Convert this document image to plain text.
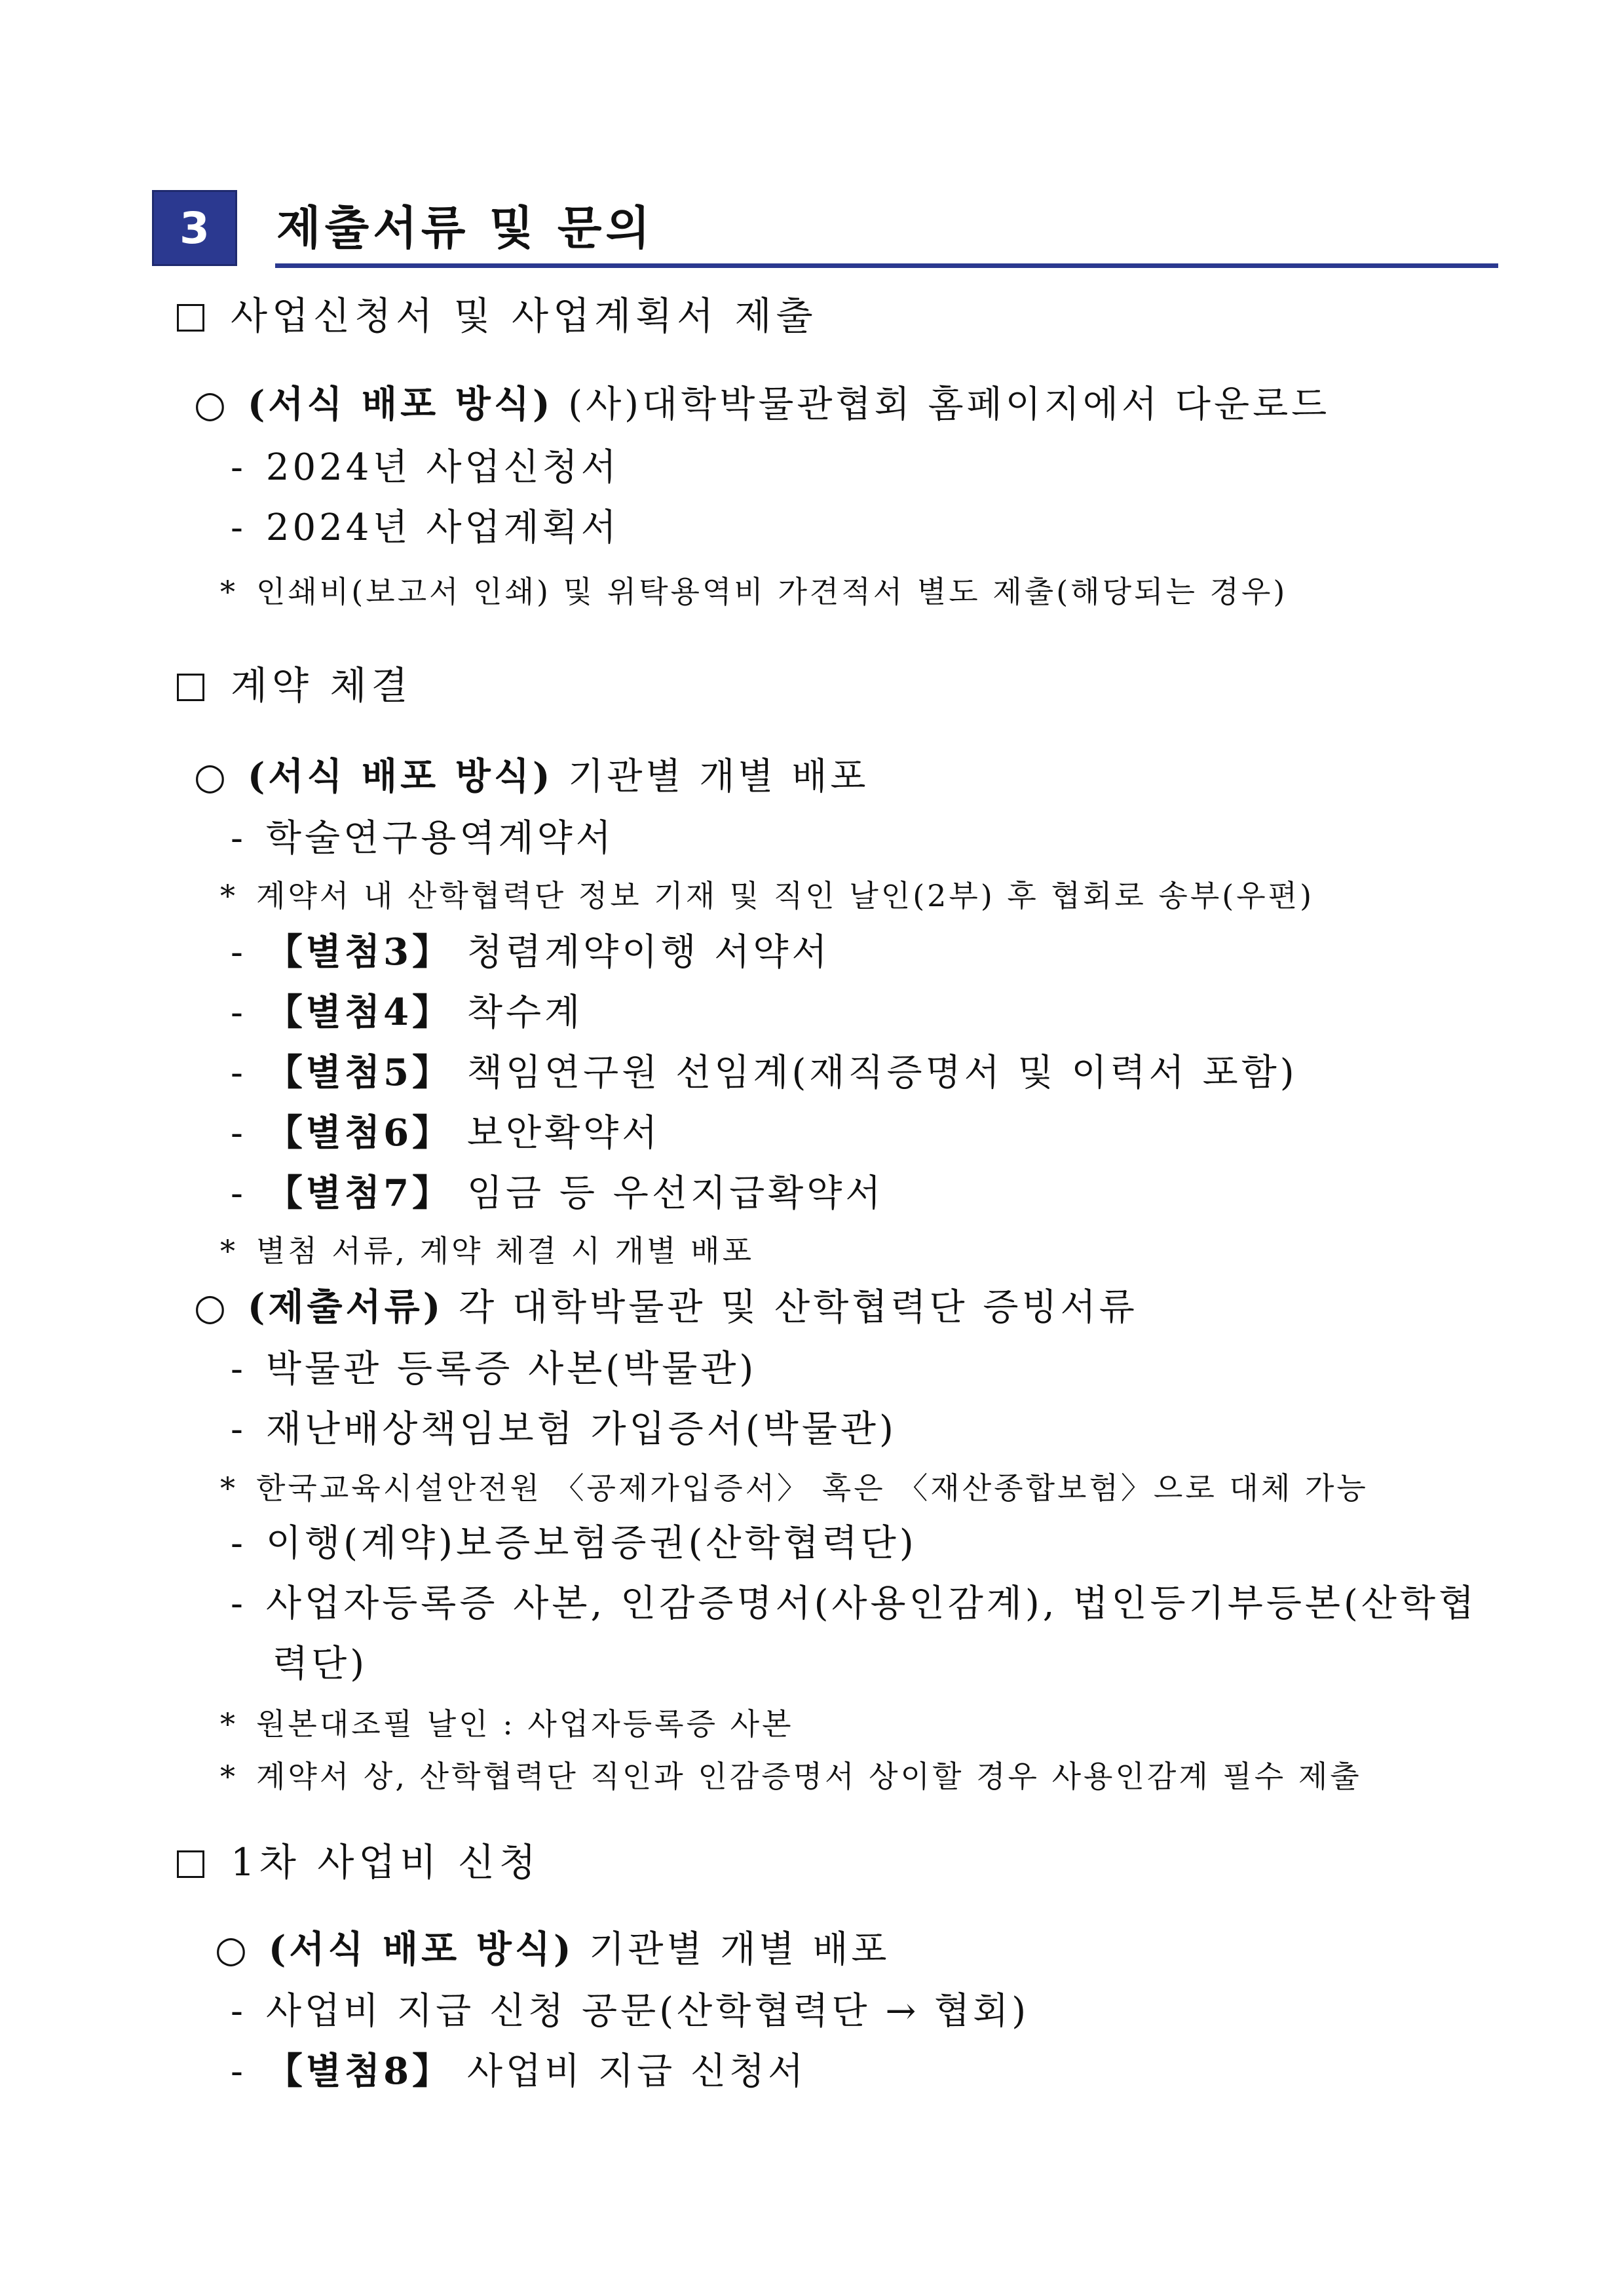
3	제출서류 및 문의
사업신청서 및 사업계획서 제출
○ (서식 배포 방식) (사)대학박물관협회 홈페이지에서 다운로드
- 2024년 사업신청서
- 2024년 사업계획서
* 인쇄비(보고서 인쇄) 및 위탁용역비 가견적서 별도 제출(해당되는 경우)
계약 체결
○ (서식 배포 방식) 기관별 개별 배포
- 학술연구용역계약서
* 계약서 내 산학협력단 정보 기재 및 직인 날인(2부) 후 협회로 송부(우편)
- 【별첨3】 청렴계약이행 서약서
- 【별첨4】 착수계
- 【별첨5】 책임연구원 선임계(재직증명서 및 이력서 포함)
- 【별첨6】 보안확약서
- 【별첨7】 임금 등 우선지급확약서
* 별첨 서류, 계약 체결 시 개별 배포
○ (제출서류) 각 대학박물관 및 산학협력단 증빙서류
- 박물관 등록증 사본(박물관)
- 재난배상책임보험 가입증서(박물관)
* 한국교육시설안전원 〈공제가입증서〉 혹은 〈재산종합보험〉으로 대체 가능
- 이행(계약)보증보험증권(산학협력단)
- 사업자등록증 사본, 인감증명서(사용인감계), 법인등기부등본(산학협
력단)
* 원본대조필 날인 : 사업자등록증 사본
* 계약서 상, 산학협력단 직인과 인감증명서 상이할 경우 사용인감계 필수 제출
1차 사업비 신청
○ (서식 배포 방식) 기관별 개별 배포
- 사업비 지급 신청 공문(산학협력단 → 협회)
- 【별첨8】 사업비 지급 신청서
